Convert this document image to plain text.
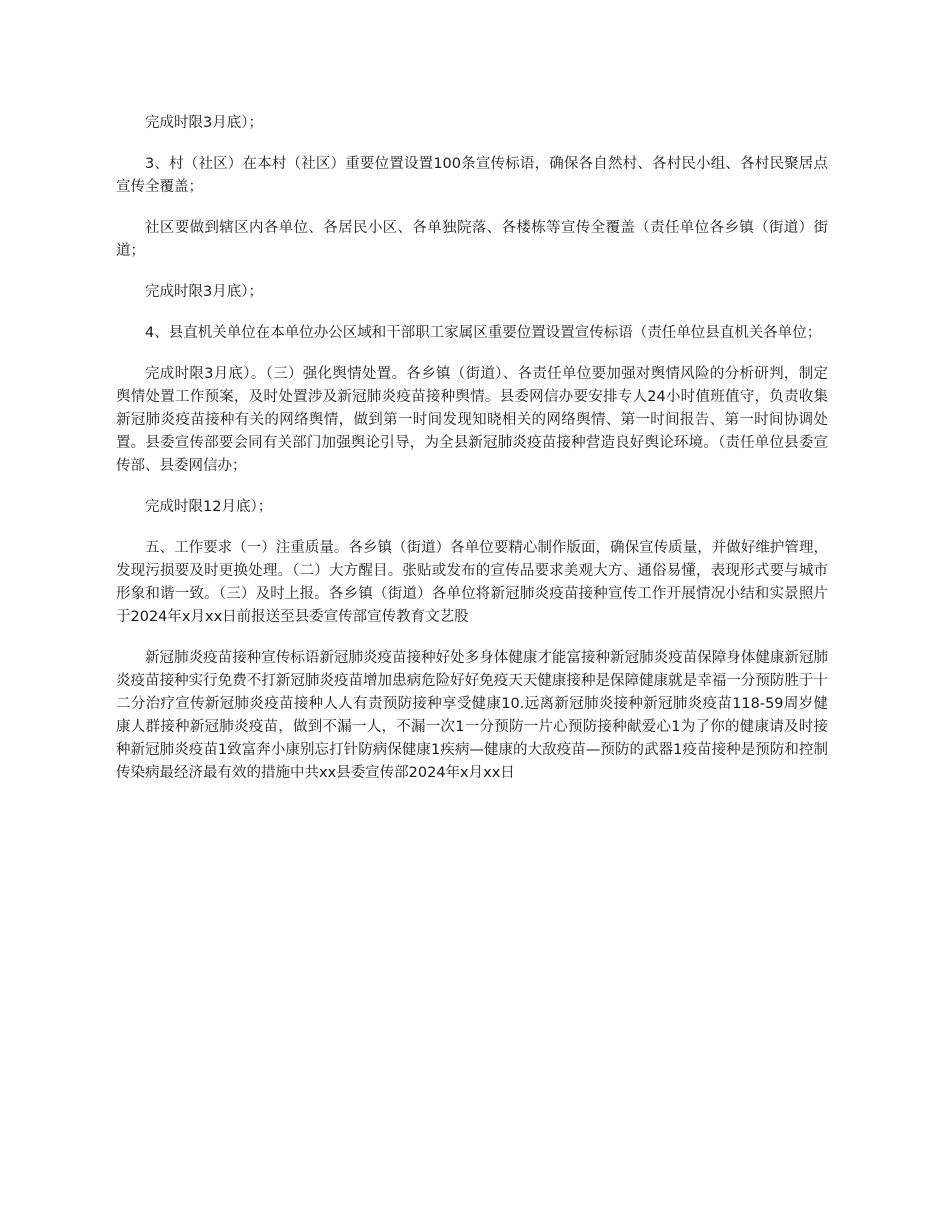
完成时限3月底）；

3、村（社区）在本村（社区）重要位置设置100条宣传标语，确保各自然村、各村民小组、各村民聚居点宣传全覆盖；

社区要做到辖区内各单位、各居民小区、各单独院落、各楼栋等宣传全覆盖（责任单位各乡镇（街道）街道；

完成时限3月底）；

4、县直机关单位在本单位办公区域和干部职工家属区重要位置设置宣传标语（责任单位县直机关各单位；

完成时限3月底）。（三）强化舆情处置。各乡镇（街道）、各责任单位要加强对舆情风险的分析研判，制定舆情处置工作预案，及时处置涉及新冠肺炎疫苗接种舆情。县委网信办要安排专人24小时值班值守，负责收集新冠肺炎疫苗接种有关的网络舆情，做到第一时间发现知晓相关的网络舆情、第一时间报告、第一时间协调处置。县委宣传部要会同有关部门加强舆论引导，为全县新冠肺炎疫苗接种营造良好舆论环境。（责任单位县委宣传部、县委网信办；

完成时限12月底）；

五、工作要求（一）注重质量。各乡镇（街道）各单位要精心制作版面，确保宣传质量，并做好维护管理，发现污损要及时更换处理。（二）大方醒目。张贴或发布的宣传品要求美观大方、通俗易懂，表现形式要与城市形象和谐一致。（三）及时上报。各乡镇（街道）各单位将新冠肺炎疫苗接种宣传工作开展情况小结和实景照片于2024年x月xx日前报送至县委宣传部宣传教育文艺股

新冠肺炎疫苗接种宣传标语新冠肺炎疫苗接种好处多身体健康才能富接种新冠肺炎疫苗保障身体健康新冠肺炎疫苗接种实行免费不打新冠肺炎疫苗增加患病危险好好免疫天天健康接种是保障健康就是幸福一分预防胜于十二分治疗宣传新冠肺炎疫苗接种人人有责预防接种享受健康10.远离新冠肺炎接种新冠肺炎疫苗118-59周岁健康人群接种新冠肺炎疫苗，做到不漏一人，不漏一次1一分预防一片心预防接种献爱心1为了你的健康请及时接种新冠肺炎疫苗1致富奔小康别忘打针防病保健康1疾病—健康的大敌疫苗—预防的武器1疫苗接种是预防和控制传染病最经济最有效的措施中共xx县委宣传部2024年x月xx日
